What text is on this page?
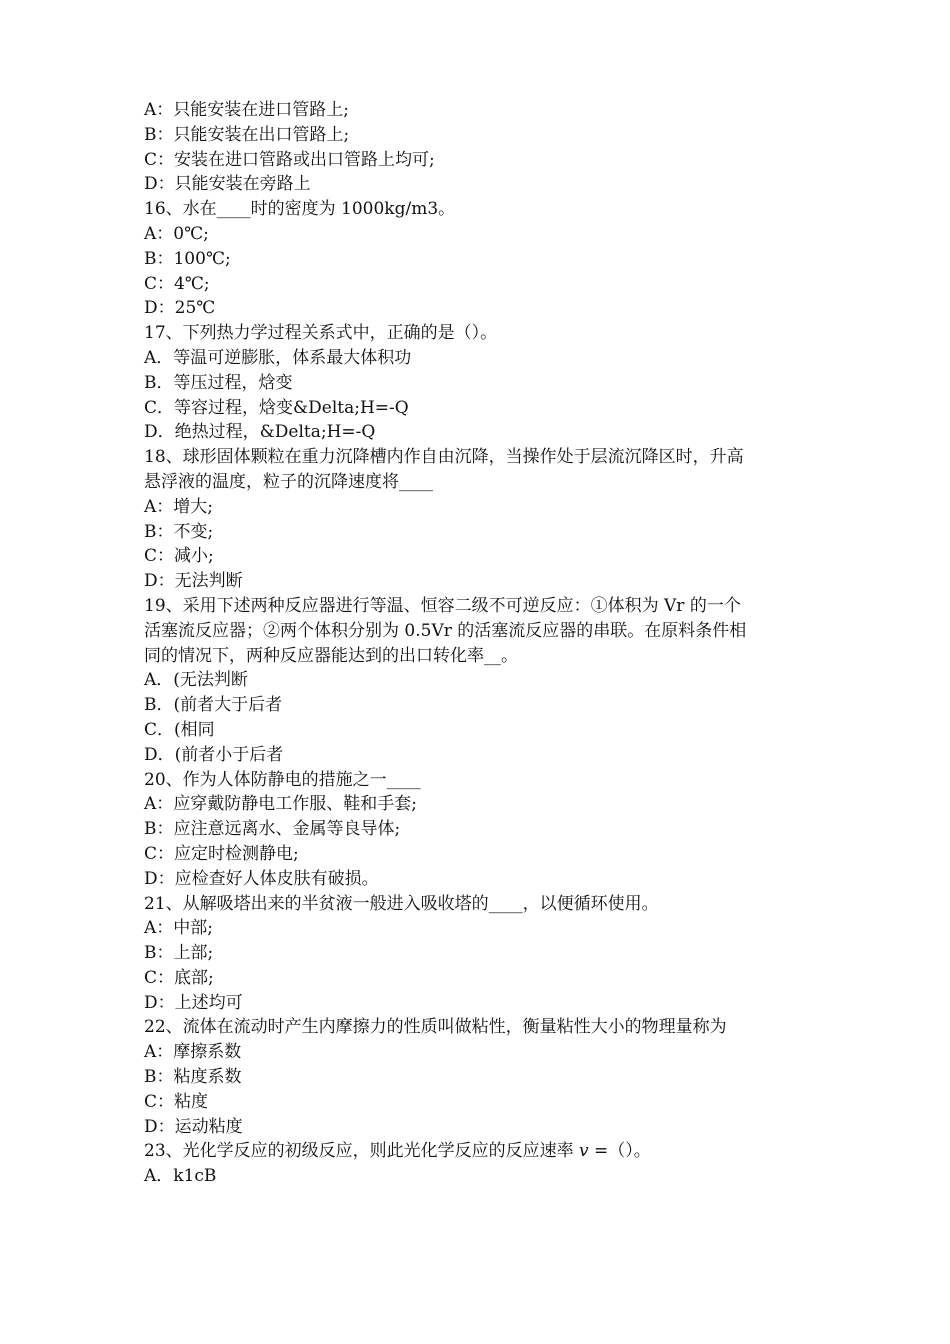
A：只能安装在进口管路上;
B：只能安装在出口管路上;
C：安装在进口管路或出口管路上均可;
D：只能安装在旁路上
16、水在____时的密度为 1000kg/m3。
A：0℃;
B：100℃;
C：4℃;
D：25℃
17、下列热力学过程关系式中，正确的是（）。
A．等温可逆膨胀，体系最大体积功
B．等压过程，焓变
C．等容过程，焓变&Delta;H=-Q
D．绝热过程，&Delta;H=-Q
18、球形固体颗粒在重力沉降槽内作自由沉降，当操作处于层流沉降区时，升高
悬浮液的温度，粒子的沉降速度将____
A：增大;
B：不变;
C：减小;
D：无法判断
19、采用下述两种反应器进行等温、恒容二级不可逆反应：①体积为 Vr 的一个
活塞流反应器；②两个体积分别为 0.5Vr 的活塞流反应器的串联。在原料条件相
同的情况下，两种反应器能达到的出口转化率__。
A．(无法判断
B．(前者大于后者
C．(相同
D．(前者小于后者
20、作为人体防静电的措施之一____
A：应穿戴防静电工作服、鞋和手套;
B：应注意远离水、金属等良导体;
C：应定时检测静电;
D：应检查好人体皮肤有破损。
21、从解吸塔出来的半贫液一般进入吸收塔的____，以便循环使用。
A：中部;
B：上部;
C：底部;
D：上述均可
22、流体在流动时产生内摩擦力的性质叫做粘性，衡量粘性大小的物理量称为
A：摩擦系数
B：粘度系数
C：粘度
D：运动粘度
23、光化学反应的初级反应，则此光化学反应的反应速率 v =（）。
A．k1cB
